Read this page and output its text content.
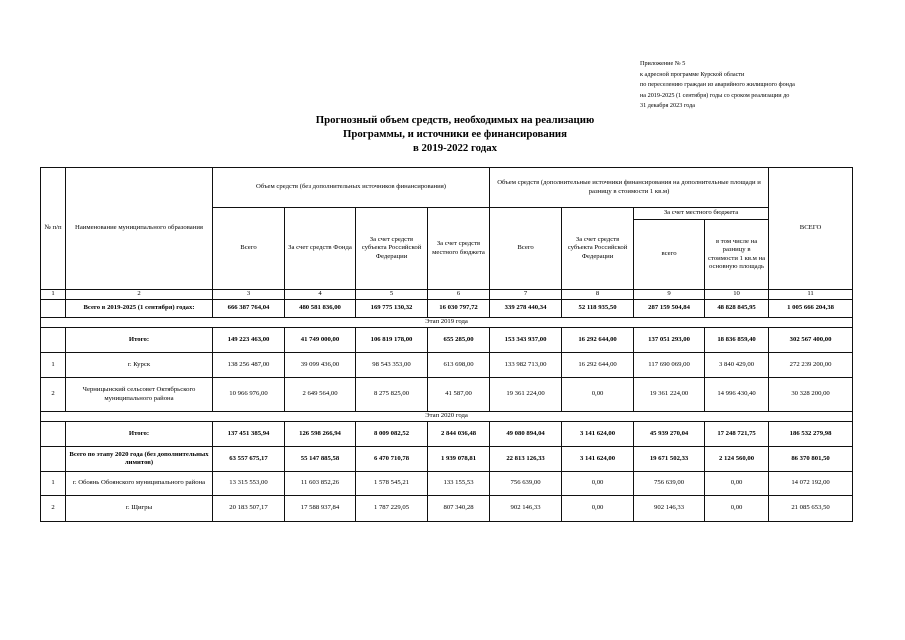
Приложение № 5
к адресной программе Курской области
по переселению граждан из аварийного жилищного фонда
на 2019-2025 (1 сентября) годы со сроком реализации до
31 декабря 2023 года
Прогнозный объем средств, необходимых на реализацию
Программы, и источники ее финансирования
в 2019-2022 годах
№ п/п	Наименование муниципального образования	Объем средств (без дополнительных источников финансирования)				Объем средств (дополнительные источники финансирования на дополнительные площади и разницу в стоимости 1 кв.м)				ВСЕГО
		Всего	За счет средств Фонда	За счет средств субъекта Российской Федерации	За счет средств местного бюджета	Всего	За счет средств субъекта Российской Федерации	За счет местного бюджета		
								всего	в том числе на разницу в стоимости 1 кв.м на основную площадь	
1	2	3	4	5	6	7	8	9	10	11
	Всего в 2019-2025 (1 сентября) годах:	666 387 764,04	480 581 836,00	169 775 130,32	16 030 797,72	339 278 440,34	52 118 935,50	287 159 504,84	48 828 845,95	1 005 666 204,38
Этап 2019 года										
	Итого:	149 223 463,00	41 749 000,00	106 819 178,00	655 285,00	153 343 937,00	16 292 644,00	137 051 293,00	18 836 859,40	302 567 400,00
1	г. Курск	138 256 487,00	39 099 436,00	98 543 353,00	613 698,00	133 982 713,00	16 292 644,00	117 690 069,00	3 840 429,00	272 239 200,00
2	Черницынский сельсовет Октябрьского муниципального района	10 966 976,00	2 649 564,00	8 275 825,00	41 587,00	19 361 224,00	0,00	19 361 224,00	14 996 430,40	30 328 200,00
Этап 2020 года										
	Итого:	137 451 385,94	126 598 266,94	8 009 082,52	2 844 036,48	49 080 894,04	3 141 624,00	45 939 270,04	17 248 721,75	186 532 279,98
	Всего по этапу 2020 года (без дополнительных лимитов)	63 557 675,17	55 147 885,58	6 470 710,78	1 939 078,81	22 813 126,33	3 141 624,00	19 671 502,33	2 124 560,00	86 370 801,50
1	г. Обоянь Обоянского муниципального района	13 315 553,00	11 603 852,26	1 578 545,21	133 155,53	756 639,00	0,00	756 639,00	0,00	14 072 192,00
2	г. Щигры	20 183 507,17	17 588 937,84	1 787 229,05	807 340,28	902 146,33	0,00	902 146,33	0,00	21 085 653,50
